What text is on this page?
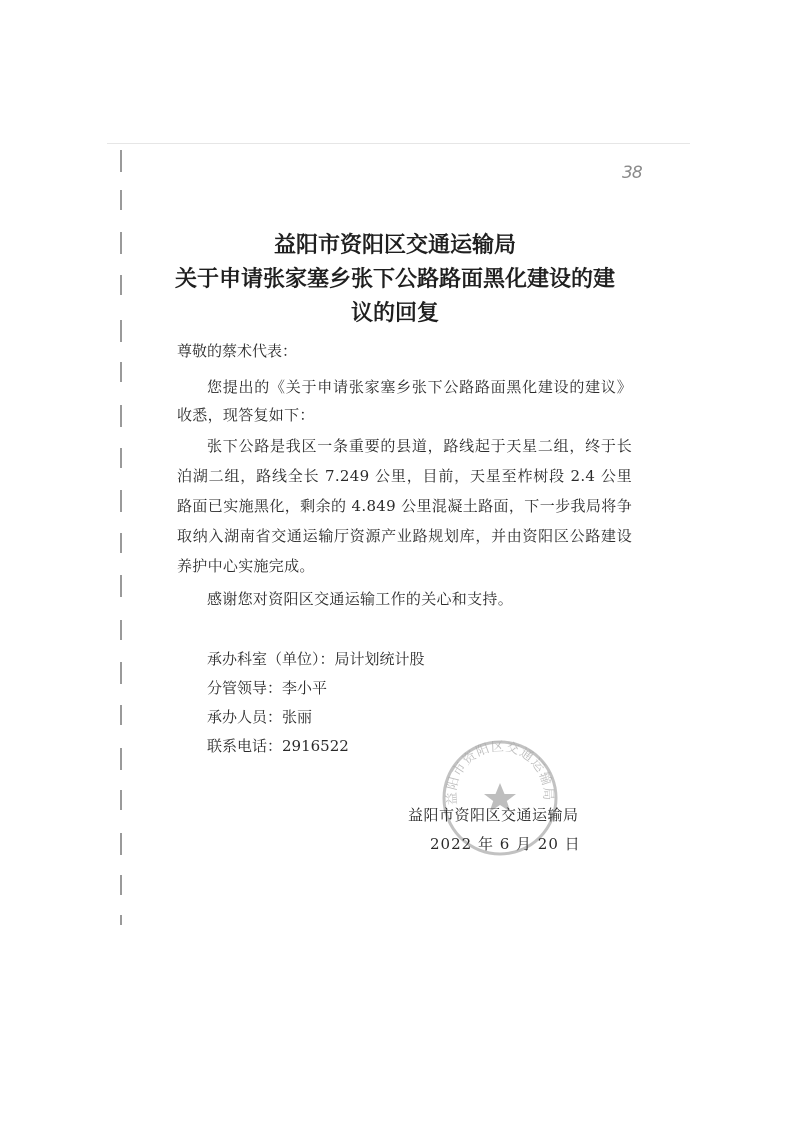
38
益阳市资阳区交通运输局
关于申请张家塞乡张下公路路面黑化建设的建
议的回复
尊敬的蔡术代表：

您提出的《关于申请张家塞乡张下公路路面黑化建设的建议》收悉，现答复如下：

张下公路是我区一条重要的县道，路线起于天星二组，终于长泊湖二组，路线全长 7.249 公里，目前，天星至柞树段 2.4 公里路面已实施黑化，剩余的 4.849 公里混凝土路面，下一步我局将争取纳入湖南省交通运输厅资源产业路规划库，并由资阳区公路建设养护中心实施完成。

感谢您对资阳区交通运输工作的关心和支持。

承办科室（单位）：局计划统计股
分管领导：李小平
承办人员：张丽
联系电话：2916522
益阳市资阳区交通运输局
益阳市资阳区交通运输局
2022 年 6 月 20 日
